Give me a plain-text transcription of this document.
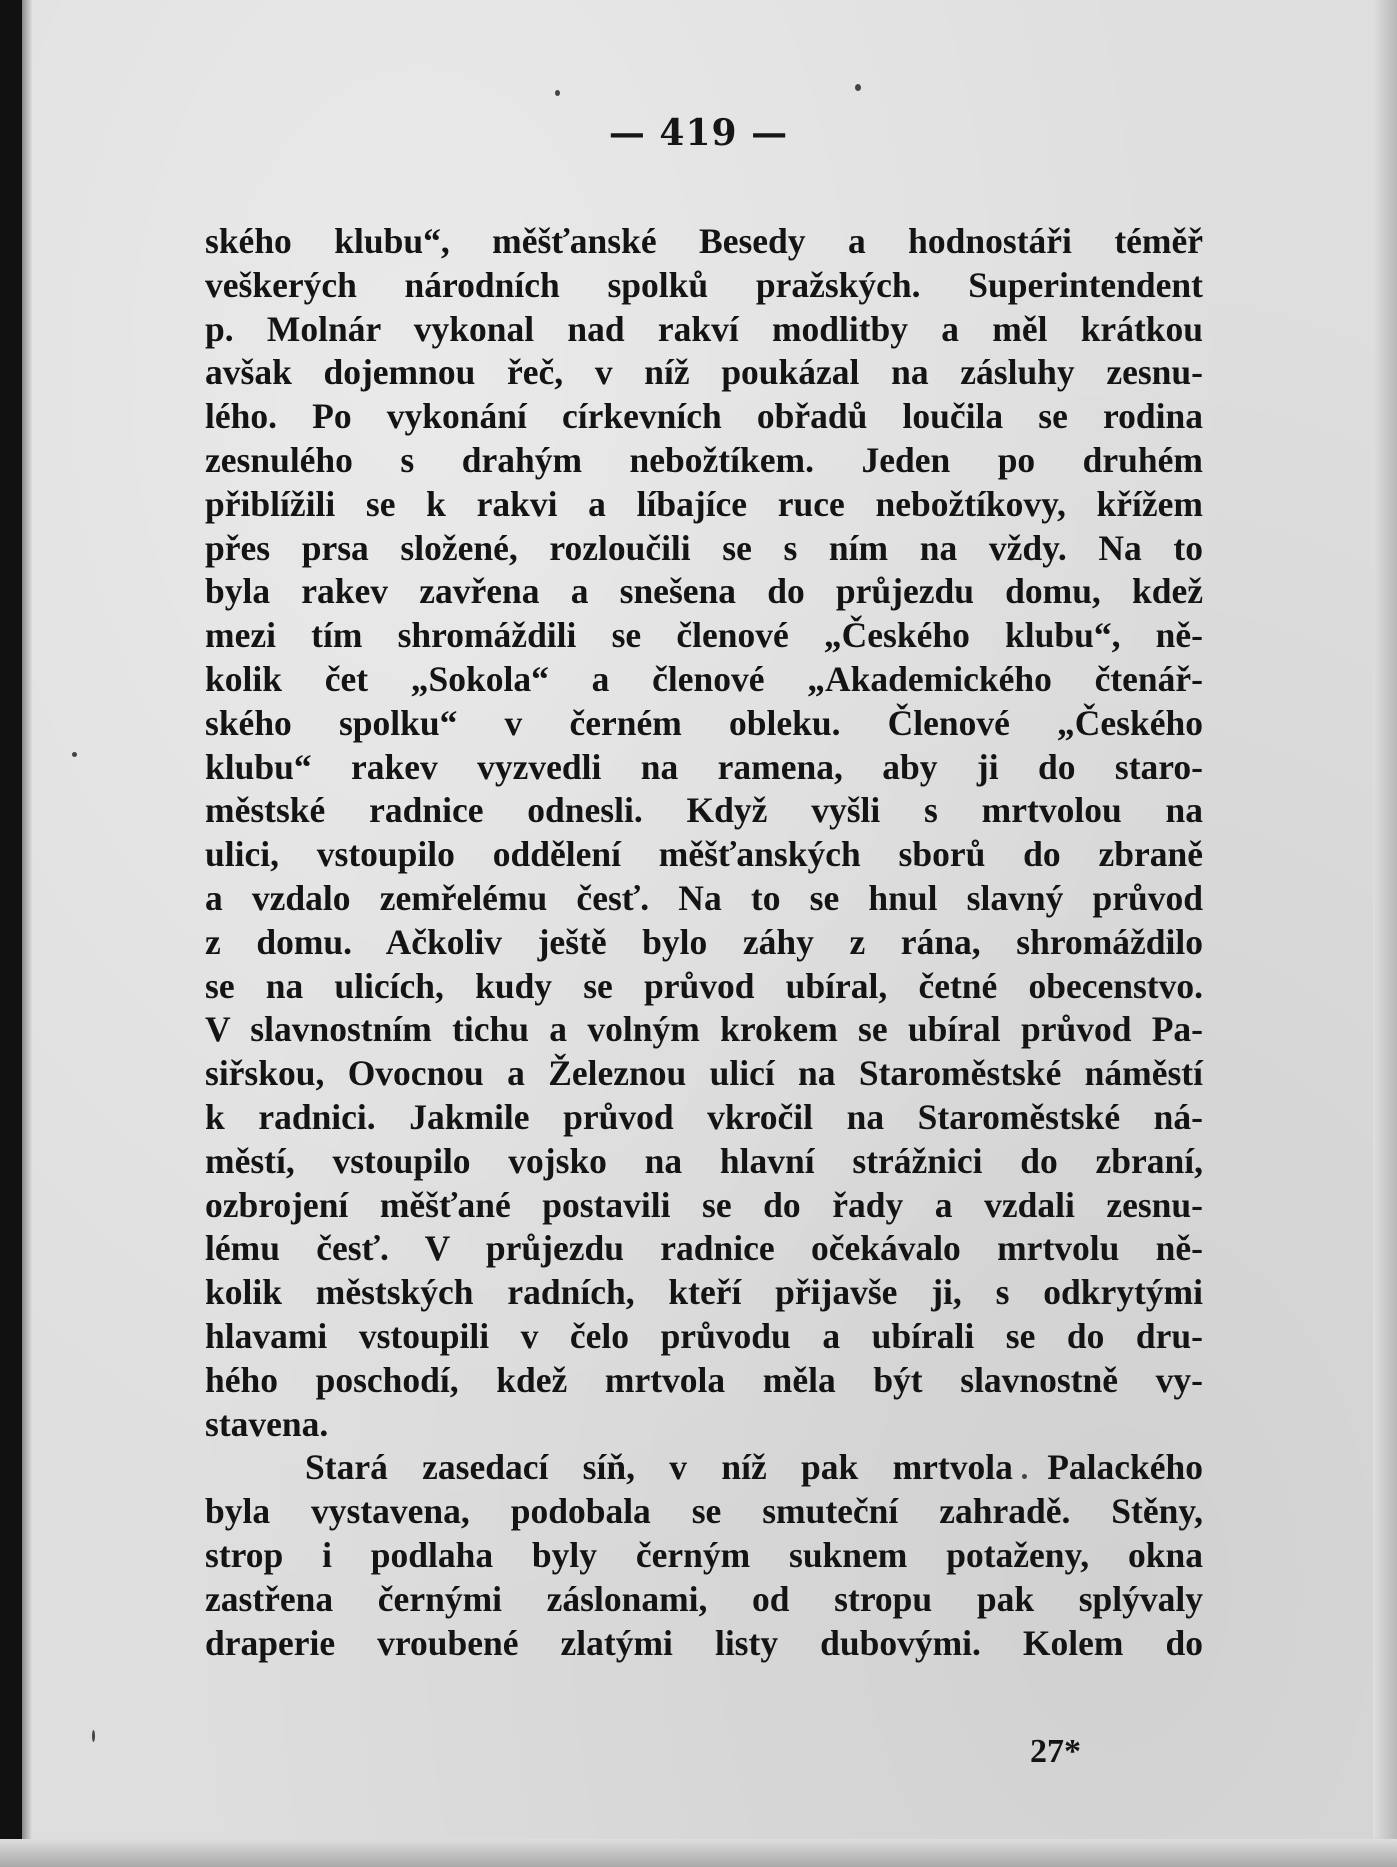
— 419 —
ského klubu“, měšťanské Besedy a hodnostáři téměř
veškerých národních spolků pražských. Superintendent
p. Molnár vykonal nad rakví modlitby a měl krátkou
avšak dojemnou řeč, v níž poukázal na zásluhy zesnu-
lého. Po vykonání církevních obřadů loučila se rodina
zesnulého s drahým nebožtíkem. Jeden po druhém
přiblížili se k rakvi a líbajíce ruce nebožtíkovy, křížem
přes prsa složené, rozloučili se s ním na vždy. Na to
byla rakev zavřena a snešena do průjezdu domu, kdež
mezi tím shromáždili se členové „Českého klubu“, ně-
kolik čet „Sokola“ a členové „Akademického čtenář-
ského spolku“ v černém obleku. Členové „Českého
klubu“ rakev vyzvedli na ramena, aby ji do staro-
městské radnice odnesli. Když vyšli s mrtvolou na
ulici, vstoupilo oddělení měšťanských sborů do zbraně
a vzdalo zemřelému česť. Na to se hnul slavný průvod
z domu. Ačkoliv ještě bylo záhy z rána, shromáždilo
se na ulicích, kudy se průvod ubíral, četné obecenstvo.
V slavnostním tichu a volným krokem se ubíral průvod Pa-
siřskou, Ovocnou a Železnou ulicí na Staroměstské náměstí
k radnici. Jakmile průvod vkročil na Staroměstské ná-
městí, vstoupilo vojsko na hlavní strážnici do zbraní,
ozbrojení měšťané postavili se do řady a vzdali zesnu-
lému česť. V průjezdu radnice očekávalo mrtvolu ně-
kolik městských radních, kteří přijavše ji, s odkrytými
hlavami vstoupili v čelo průvodu a ubírali se do dru-
hého poschodí, kdež mrtvola měla být slavnostně vy-
stavena.
Stará zasedací síň, v níž pak mrtvola Palackého
byla vystavena, podobala se smuteční zahradě. Stěny,
strop i podlaha byly černým suknem potaženy, okna
zastřena černými záslonami, od stropu pak splývaly
draperie vroubené zlatými listy dubovými. Kolem do
27*
